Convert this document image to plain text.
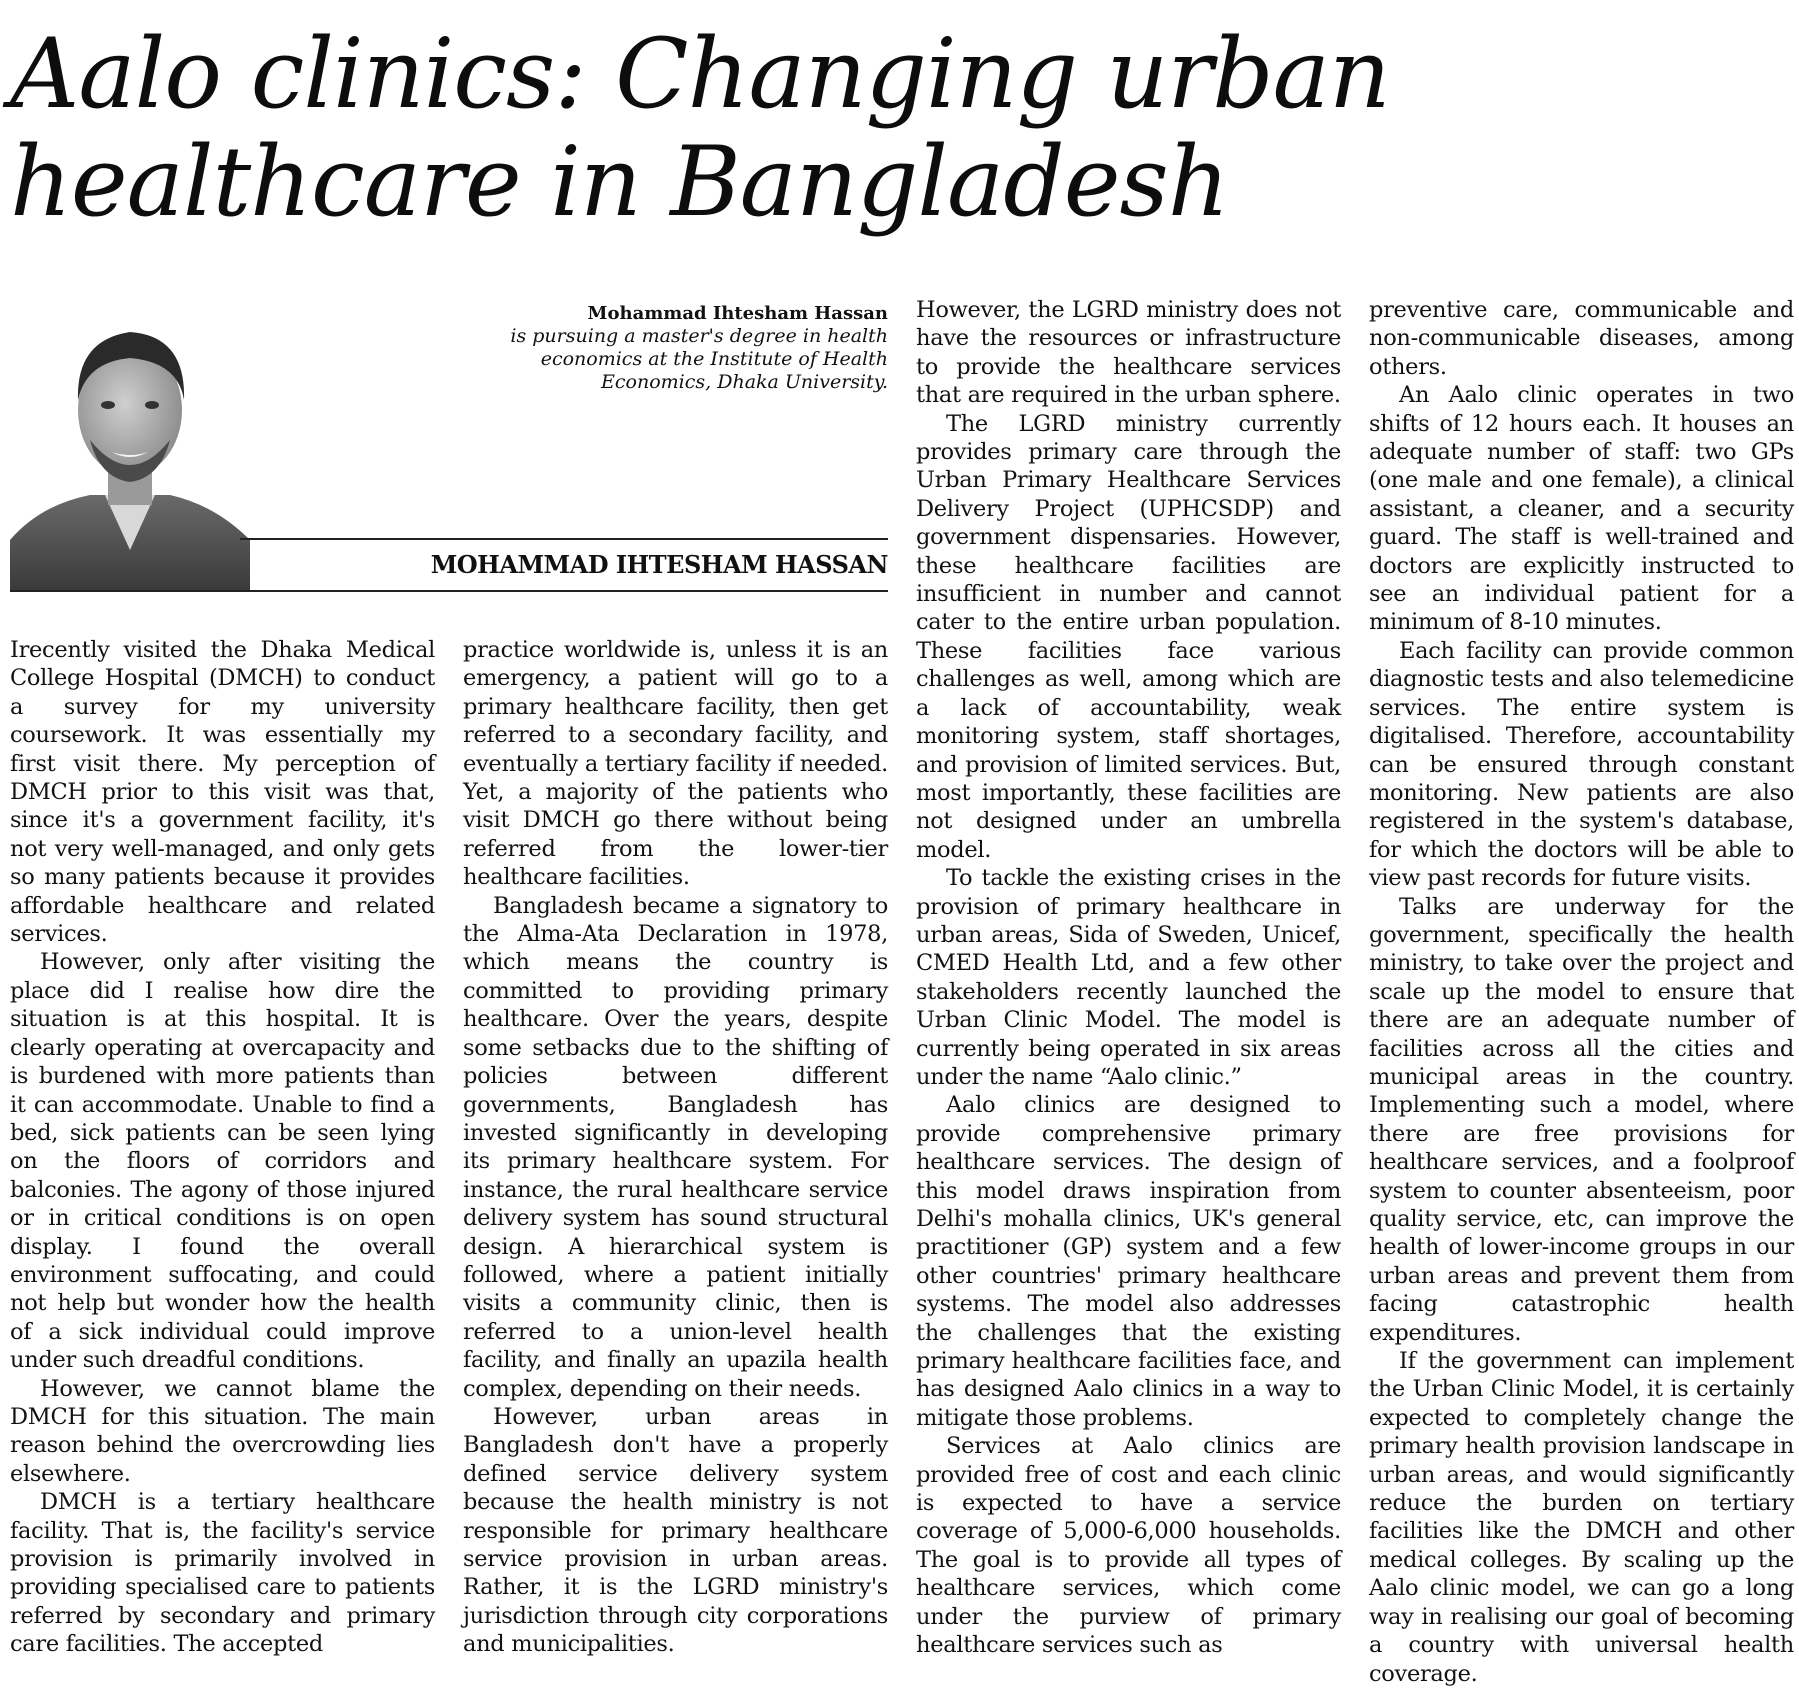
Aalo clinics: Changing urban
healthcare in Bangladesh
Mohammad Ihtesham Hassan
is pursuing a master's degree in health economics at the Institute of Health Economics, Dhaka University.
MOHAMMAD IHTESHAM HASSAN

Irecently visited the Dhaka Medical College Hospital (DMCH) to conduct a survey for my university coursework. It was essentially my first visit there. My perception of DMCH prior to this visit was that, since it's a government facility, it's not very well-managed, and only gets so many patients because it provides affordable healthcare and related services.

However, only after visiting the place did I realise how dire the situation is at this hospital. It is clearly operating at overcapacity and is burdened with more patients than it can accommodate. Unable to find a bed, sick patients can be seen lying on the floors of corridors and balconies. The agony of those injured or in critical conditions is on open display. I found the overall environment suffocating, and could not help but wonder how the health of a sick individual could improve under such dreadful conditions.

However, we cannot blame the DMCH for this situation. The main reason behind the overcrowding lies elsewhere.

DMCH is a tertiary healthcare facility. That is, the facility's service provision is primarily involved in providing specialised care to patients referred by secondary and primary care facilities. The accepted

practice worldwide is, unless it is an emergency, a patient will go to a primary healthcare facility, then get referred to a secondary facility, and eventually a tertiary facility if needed. Yet, a majority of the patients who visit DMCH go there without being referred from the lower-tier healthcare facilities.

Bangladesh became a signatory to the Alma-Ata Declaration in 1978, which means the country is committed to providing primary healthcare. Over the years, despite some setbacks due to the shifting of policies between different governments, Bangladesh has invested significantly in developing its primary healthcare system. For instance, the rural healthcare service delivery system has sound structural design. A hierarchical system is followed, where a patient initially visits a community clinic, then is referred to a union-level health facility, and finally an upazila health complex, depending on their needs.

However, urban areas in Bangladesh don't have a properly defined service delivery system because the health ministry is not responsible for primary healthcare service provision in urban areas. Rather, it is the LGRD ministry's jurisdiction through city corporations and municipalities.

However, the LGRD ministry does not have the resources or infrastructure to provide the healthcare services that are required in the urban sphere.

The LGRD ministry currently provides primary care through the Urban Primary Healthcare Services Delivery Project (UPHCSDP) and government dispensaries. However, these healthcare facilities are insufficient in number and cannot cater to the entire urban population. These facilities face various challenges as well, among which are a lack of accountability, weak monitoring system, staff shortages, and provision of limited services. But, most importantly, these facilities are not designed under an umbrella model.

To tackle the existing crises in the provision of primary healthcare in urban areas, Sida of Sweden, Unicef, CMED Health Ltd, and a few other stakeholders recently launched the Urban Clinic Model. The model is currently being operated in six areas under the name “Aalo clinic.”

Aalo clinics are designed to provide comprehensive primary healthcare services. The design of this model draws inspiration from Delhi's mohalla clinics, UK's general practitioner (GP) system and a few other countries' primary healthcare systems. The model also addresses the challenges that the existing primary healthcare facilities face, and has designed Aalo clinics in a way to mitigate those problems.

Services at Aalo clinics are provided free of cost and each clinic is expected to have a service coverage of 5,000-6,000 households. The goal is to provide all types of healthcare services, which come under the purview of primary healthcare services such as

preventive care, communicable and non-communicable diseases, among others.

An Aalo clinic operates in two shifts of 12 hours each. It houses an adequate number of staff: two GPs (one male and one female), a clinical assistant, a cleaner, and a security guard. The staff is well-trained and doctors are explicitly instructed to see an individual patient for a minimum of 8-10 minutes.

Each facility can provide common diagnostic tests and also telemedicine services. The entire system is digitalised. Therefore, accountability can be ensured through constant monitoring. New patients are also registered in the system's database, for which the doctors will be able to view past records for future visits.

Talks are underway for the government, specifically the health ministry, to take over the project and scale up the model to ensure that there are an adequate number of facilities across all the cities and municipal areas in the country. Implementing such a model, where there are free provisions for healthcare services, and a foolproof system to counter absenteeism, poor quality service, etc, can improve the health of lower-income groups in our urban areas and prevent them from facing catastrophic health expenditures.

If the government can implement the Urban Clinic Model, it is certainly expected to completely change the primary health provision landscape in urban areas, and would significantly reduce the burden on tertiary facilities like the DMCH and other medical colleges. By scaling up the Aalo clinic model, we can go a long way in realising our goal of becoming a country with universal health coverage.
